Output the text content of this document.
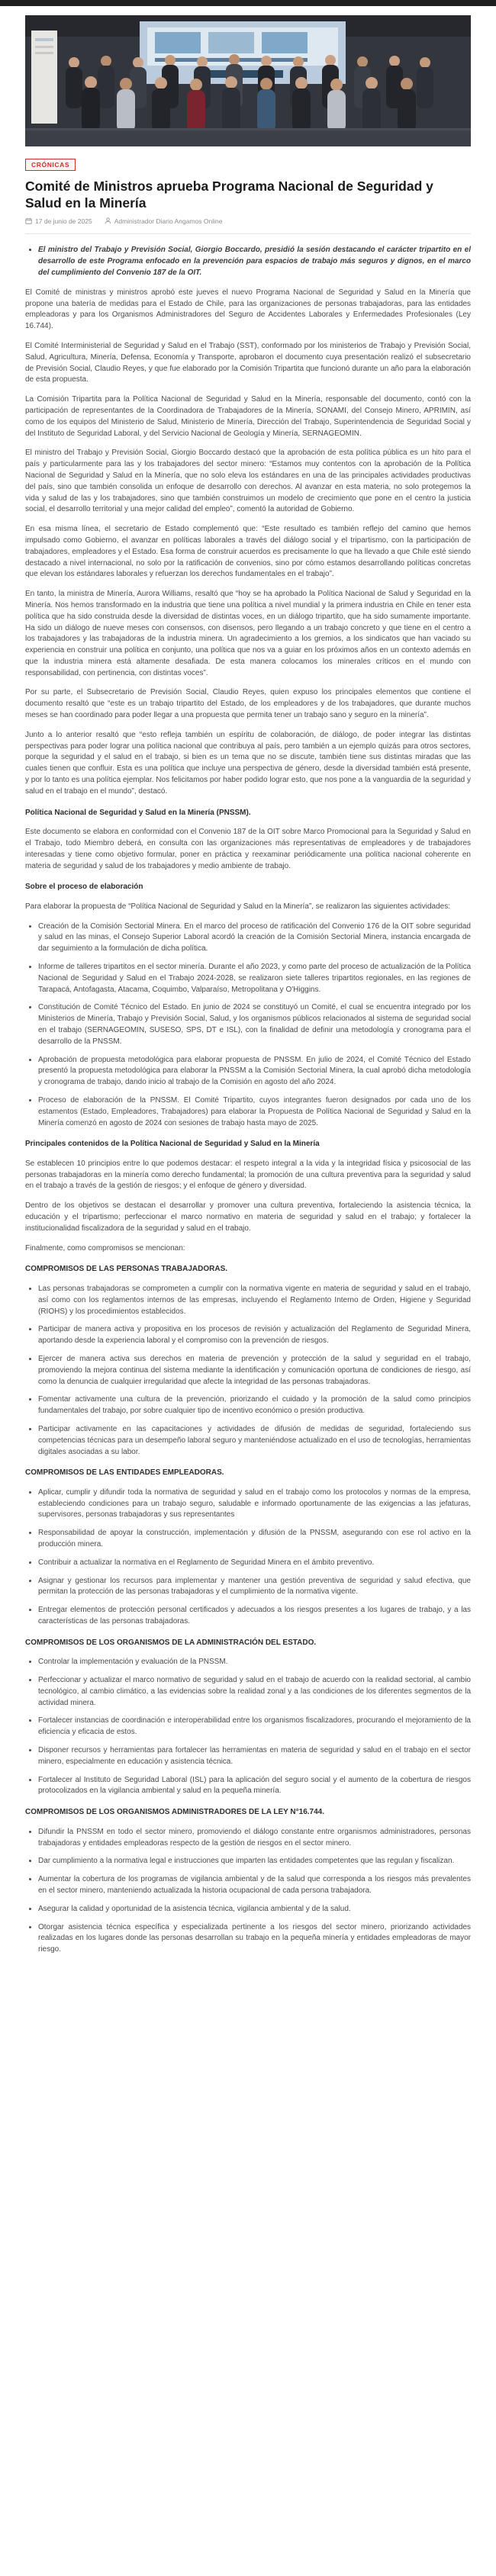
CRÓNICAS
Comité de Ministros aprueba Programa Nacional de Seguridad y Salud en la Minería
17 de junio de 2025	Administrador Diario Angamos Online
• El ministro del Trabajo y Previsión Social, Giorgio Boccardo, presidió la sesión destacando el carácter tripartito en el desarrollo de este Programa enfocado en la prevención para espacios de trabajo más seguros y dignos, en el marco del cumplimiento del Convenio 187 de la OIT.

El Comité de ministras y ministros aprobó este jueves el nuevo Programa Nacional de Seguridad y Salud en la Minería que propone una batería de medidas para el Estado de Chile, para las organizaciones de personas trabajadoras, para las entidades empleadoras y para los Organismos Administradores del Seguro de Accidentes Laborales y Enfermedades Profesionales (Ley 16.744).

El Comité Interministerial de Seguridad y Salud en el Trabajo (SST), conformado por los ministerios de Trabajo y Previsión Social, Salud, Agricultura, Minería, Defensa, Economía y Transporte, aprobaron el documento cuya presentación realizó el subsecretario de Previsión Social, Claudio Reyes, y que fue elaborado por la Comisión Tripartita que funcionó durante un año para la elaboración de esta propuesta.

La Comisión Tripartita para la Política Nacional de Seguridad y Salud en la Minería, responsable del documento, contó con la participación de representantes de la Coordinadora de Trabajadores de la Minería, SONAMI, del Consejo Minero, APRIMIN, así como de los equipos del Ministerio de Salud, Ministerio de Minería, Dirección del Trabajo, Superintendencia de Seguridad Social y del Instituto de Seguridad Laboral, y del Servicio Nacional de Geología y Minería, SERNAGEOMIN.

El ministro del Trabajo y Previsión Social, Giorgio Boccardo destacó que la aprobación de esta política pública es un hito para el país y particularmente para las y los trabajadores del sector minero: “Estamos muy contentos con la aprobación de la Política Nacional de Seguridad y Salud en la Minería, que no solo eleva los estándares en una de las principales actividades productivas del país, sino que también consolida un enfoque de desarrollo con derechos. Al avanzar en esta materia, no solo protegemos la vida y salud de las y los trabajadores, sino que también construimos un modelo de crecimiento que pone en el centro la justicia social, el desarrollo territorial y una mejor calidad del empleo”, comentó la autoridad de Gobierno.

En esa misma línea, el secretario de Estado complementó que: “Este resultado es también reflejo del camino que hemos impulsado como Gobierno, el avanzar en políticas laborales a través del diálogo social y el tripartismo, con la participación de trabajadores, empleadores y el Estado. Esa forma de construir acuerdos es precisamente lo que ha llevado a que Chile esté siendo destacado a nivel internacional, no solo por la ratificación de convenios, sino por cómo estamos desarrollando políticas concretas que elevan los estándares laborales y refuerzan los derechos fundamentales en el trabajo”.

En tanto, la ministra de Minería, Aurora Williams, resaltó que “hoy se ha aprobado la Política Nacional de Salud y Seguridad en la Minería. Nos hemos transformado en la industria que tiene una política a nivel mundial y la primera industria en Chile en tener esta política que ha sido construida desde la diversidad de distintas voces, en un diálogo tripartito, que ha sido sumamente importante. Ha sido un diálogo de nueve meses con consensos, con disensos, pero llegando a un trabajo concreto y que tiene en el centro a los trabajadores y las trabajadoras de la industria minera. Un agradecimiento a los gremios, a los sindicatos que han vaciado su experiencia en construir una política en conjunto, una política que nos va a guiar en los próximos años en un contexto además en que la industria minera está altamente desafiada. De esta manera colocamos los minerales críticos en el mundo con responsabilidad, con pertinencia, con distintas voces”.

Por su parte, el Subsecretario de Previsión Social, Claudio Reyes, quien expuso los principales elementos que contiene el documento resaltó que “este es un trabajo tripartito del Estado, de los empleadores y de los trabajadores, que durante muchos meses se han coordinado para poder llegar a una propuesta que permita tener un trabajo sano y seguro en la minería”.

Junto a lo anterior resaltó que “esto refleja también un espíritu de colaboración, de diálogo, de poder integrar las distintas perspectivas para poder lograr una política nacional que contribuya al país, pero también a un ejemplo quizás para otros sectores, porque la seguridad y el salud en el trabajo, si bien es un tema que no se discute, también tiene sus distintas miradas que las cuales tienen que confluir. Esta es una política que incluye una perspectiva de género, desde la diversidad también está presente, y por lo tanto es una política ejemplar. Nos felicitamos por haber podido lograr esto, que nos pone a la vanguardia de la seguridad y salud en el trabajo en el mundo”, destacó.

Política Nacional de Seguridad y Salud en la Minería (PNSSM).

Este documento se elabora en conformidad con el Convenio 187 de la OIT sobre Marco Promocional para la Seguridad y Salud en el Trabajo, todo Miembro deberá, en consulta con las organizaciones más representativas de empleadores y de trabajadores interesadas y tiene como objetivo formular, poner en práctica y reexaminar periódicamente una política nacional coherente en materia de seguridad y salud de los trabajadores y medio ambiente de trabajo.

Sobre el proceso de elaboración

Para elaborar la propuesta de “Política Nacional de Seguridad y Salud en la Minería”, se realizaron las siguientes actividades:

• Creación de la Comisión Sectorial Minera. En el marco del proceso de ratificación del Convenio 176 de la OIT sobre seguridad y salud en las minas, el Consejo Superior Laboral acordó la creación de la Comisión Sectorial Minera, instancia encargada de dar seguimiento a la formulación de dicha política.
• Informe de talleres tripartitos en el sector minería. Durante el año 2023, y como parte del proceso de actualización de la Política Nacional de Seguridad y Salud en el Trabajo 2024-2028, se realizaron siete talleres tripartitos regionales, en las regiones de Tarapacá, Antofagasta, Atacama, Coquimbo, Valparaíso, Metropolitana y O'Higgins.
• Constitución de Comité Técnico del Estado. En junio de 2024 se constituyó un Comité, el cual se encuentra integrado por los Ministerios de Minería, Trabajo y Previsión Social, Salud, y los organismos públicos relacionados al sistema de seguridad social en el trabajo (SERNAGEOMIN, SUSESO, SPS, DT e ISL), con la finalidad de definir una metodología y cronograma para el desarrollo de la PNSSM.
• Aprobación de propuesta metodológica para elaborar propuesta de PNSSM. En julio de 2024, el Comité Técnico del Estado presentó la propuesta metodológica para elaborar la PNSSM a la Comisión Sectorial Minera, la cual aprobó dicha metodología y cronograma de trabajo, dando inicio al trabajo de la Comisión en agosto del año 2024.
• Proceso de elaboración de la PNSSM. El Comité Tripartito, cuyos integrantes fueron designados por cada uno de los estamentos (Estado, Empleadores, Trabajadores) para elaborar la Propuesta de Política Nacional de Seguridad y Salud en la Minería comenzó en agosto de 2024 con sesiones de trabajo hasta mayo de 2025.
Principales contenidos de la Política Nacional de Seguridad y Salud en la Minería

Se establecen 10 principios entre lo que podemos destacar: el respeto integral a la vida y la integridad física y psicosocial de las personas trabajadoras en la minería como derecho fundamental; la promoción de una cultura preventiva para la seguridad y salud en el trabajo a través de la gestión de riesgos; y el enfoque de género y diversidad.

Dentro de los objetivos se destacan el desarrollar y promover una cultura preventiva, fortaleciendo la asistencia técnica, la educación y el tripartismo; perfeccionar el marco normativo en materia de seguridad y salud en el trabajo; y fortalecer la institucionalidad fiscalizadora de la seguridad y salud en el trabajo.

Finalmente, como compromisos se mencionan:

COMPROMISOS DE LAS PERSONAS TRABAJADORAS.
• Las personas trabajadoras se comprometen a cumplir con la normativa vigente en materia de seguridad y salud en el trabajo, así como con los reglamentos internos de las empresas, incluyendo el Reglamento Interno de Orden, Higiene y Seguridad (RIOHS) y los procedimientos establecidos.
• Participar de manera activa y propositiva en los procesos de revisión y actualización del Reglamento de Seguridad Minera, aportando desde la experiencia laboral y el compromiso con la prevención de riesgos.
• Ejercer de manera activa sus derechos en materia de prevención y protección de la salud y seguridad en el trabajo, promoviendo la mejora continua del sistema mediante la identificación y comunicación oportuna de condiciones de riesgo, así como la denuncia de cualquier irregularidad que afecte la integridad de las personas trabajadoras.
• Fomentar activamente una cultura de la prevención, priorizando el cuidado y la promoción de la salud como principios fundamentales del trabajo, por sobre cualquier tipo de incentivo económico o presión productiva.
• Participar activamente en las capacitaciones y actividades de difusión de medidas de seguridad, fortaleciendo sus competencias técnicas para un desempeño laboral seguro y manteniéndose actualizado en el uso de tecnologías, herramientas digitales asociadas a su labor.
COMPROMISOS DE LAS ENTIDADES EMPLEADORAS.
• Aplicar, cumplir y difundir toda la normativa de seguridad y salud en el trabajo como los protocolos y normas de la empresa, estableciendo condiciones para un trabajo seguro, saludable e informado oportunamente de las exigencias a las jefaturas, supervisores, personas trabajadoras y sus representantes
• Responsabilidad de apoyar la construcción, implementación y difusión de la PNSSM, asegurando con ese rol activo en la producción minera.
• Contribuir a actualizar la normativa en el Reglamento de Seguridad Minera en el ámbito preventivo.
• Asignar y gestionar los recursos para implementar y mantener una gestión preventiva de seguridad y salud efectiva, que permitan la protección de las personas trabajadoras y el cumplimiento de la normativa vigente.
• Entregar elementos de protección personal certificados y adecuados a los riesgos presentes a los lugares de trabajo, y a las características de las personas trabajadoras.
COMPROMISOS DE LOS ORGANISMOS DE LA ADMINISTRACIÓN DEL ESTADO.
• Controlar la implementación y evaluación de la PNSSM.
• Perfeccionar y actualizar el marco normativo de seguridad y salud en el trabajo de acuerdo con la realidad sectorial, al cambio tecnológico, al cambio climático, a las evidencias sobre la realidad zonal y a las condiciones de los diferentes segmentos de la actividad minera.
• Fortalecer instancias de coordinación e interoperabilidad entre los organismos fiscalizadores, procurando el mejoramiento de la eficiencia y eficacia de estos.
• Disponer recursos y herramientas para fortalecer las herramientas en materia de seguridad y salud en el trabajo en el sector minero, especialmente en educación y asistencia técnica.
• Fortalecer al Instituto de Seguridad Laboral (ISL) para la aplicación del seguro social y el aumento de la cobertura de riesgos protocolizados en la vigilancia ambiental y salud en la pequeña minería.
COMPROMISOS DE LOS ORGANISMOS ADMINISTRADORES DE LA LEY N°16.744.
• Difundir la PNSSM en todo el sector minero, promoviendo el diálogo constante entre organismos administradores, personas trabajadoras y entidades empleadoras respecto de la gestión de riesgos en el sector minero.
• Dar cumplimiento a la normativa legal e instrucciones que imparten las entidades competentes que las regulan y fiscalizan.
• Aumentar la cobertura de los programas de vigilancia ambiental y de la salud que corresponda a los riesgos más prevalentes en el sector minero, manteniendo actualizada la historia ocupacional de cada persona trabajadora.
• Asegurar la calidad y oportunidad de la asistencia técnica, vigilancia ambiental y de la salud.
• Otorgar asistencia técnica específica y especializada pertinente a los riesgos del sector minero, priorizando actividades realizadas en los lugares donde las personas desarrollan su trabajo en la pequeña minería y entidades empleadoras de mayor riesgo.
